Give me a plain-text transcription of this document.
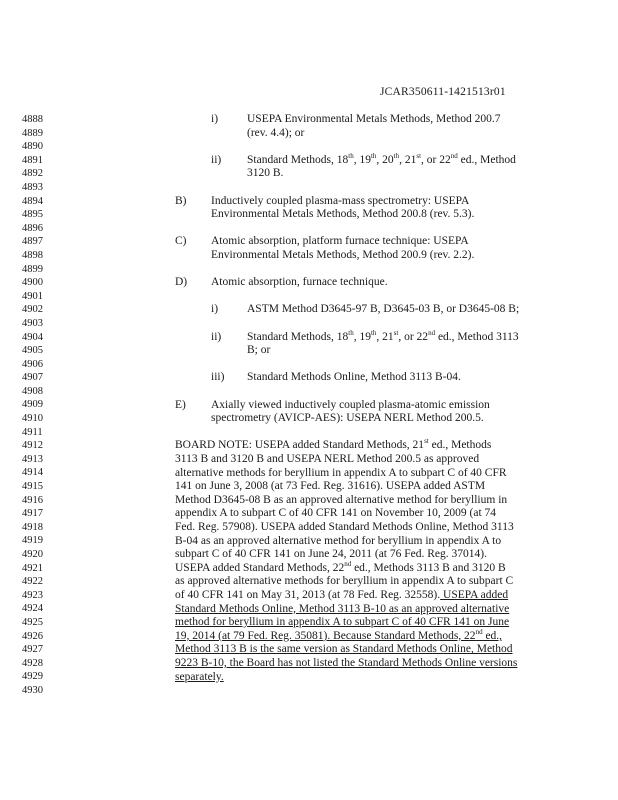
JCAR350611-1421513r01
4888
4889
4890
4891
4892
4893
4894
4895
4896
4897
4898
4899
4900
4901
4902
4903
4904
4905
4906
4907
4908
4909
4910
4911
4912
4913
4914
4915
4916
4917
4918
4919
4920
4921
4922
4923
4924
4925
4926
4927
4928
4929
4930
i)	USEPA Environmental Metals Methods, Method 200.7
(rev. 4.4); or
ii) Standard Methods, 18th, 19th, 20th, 21st, or 22nd ed., Method
3120 B.
B) Inductively coupled plasma-mass spectrometry: USEPA
Environmental Metals Methods, Method 200.8 (rev. 5.3).
C) Atomic absorption, platform furnace technique: USEPA
Environmental Metals Methods, Method 200.9 (rev. 2.2).
D) Atomic absorption, furnace technique.
i)	ASTM Method D3645-97 B, D3645-03 B, or D3645-08 B;
ii) Standard Methods, 18th, 19th, 21st, or 22nd ed., Method 3113
B; or
iii) Standard Methods Online, Method 3113 B-04.
E) Axially viewed inductively coupled plasma-atomic emission
spectrometry (AVICP-AES): USEPA NERL Method 200.5.
BOARD NOTE: USEPA added Standard Methods, 21st ed., Methods
3113 B and 3120 B and USEPA NERL Method 200.5 as approved
alternative methods for beryllium in appendix A to subpart C of 40 CFR
141 on June 3, 2008 (at 73 Fed. Reg. 31616). USEPA added ASTM
Method D3645-08 B as an approved alternative method for beryllium in
appendix A to subpart C of 40 CFR 141 on November 10, 2009 (at 74
Fed. Reg. 57908). USEPA added Standard Methods Online, Method 3113
B-04 as an approved alternative method for beryllium in appendix A to
subpart C of 40 CFR 141 on June 24, 2011 (at 76 Fed. Reg. 37014).
USEPA added Standard Methods, 22nd ed., Methods 3113 B and 3120 B
as approved alternative methods for beryllium in appendix A to subpart C
of 40 CFR 141 on May 31, 2013 (at 78 Fed. Reg. 32558). USEPA added
Standard Methods Online, Method 3113 B-10 as an approved alternative
method for beryllium in appendix A to subpart C of 40 CFR 141 on June
19, 2014 (at 79 Fed. Reg. 35081). Because Standard Methods, 22nd ed.,
Method 3113 B is the same version as Standard Methods Online, Method
9223 B-10, the Board has not listed the Standard Methods Online versions
separately.
